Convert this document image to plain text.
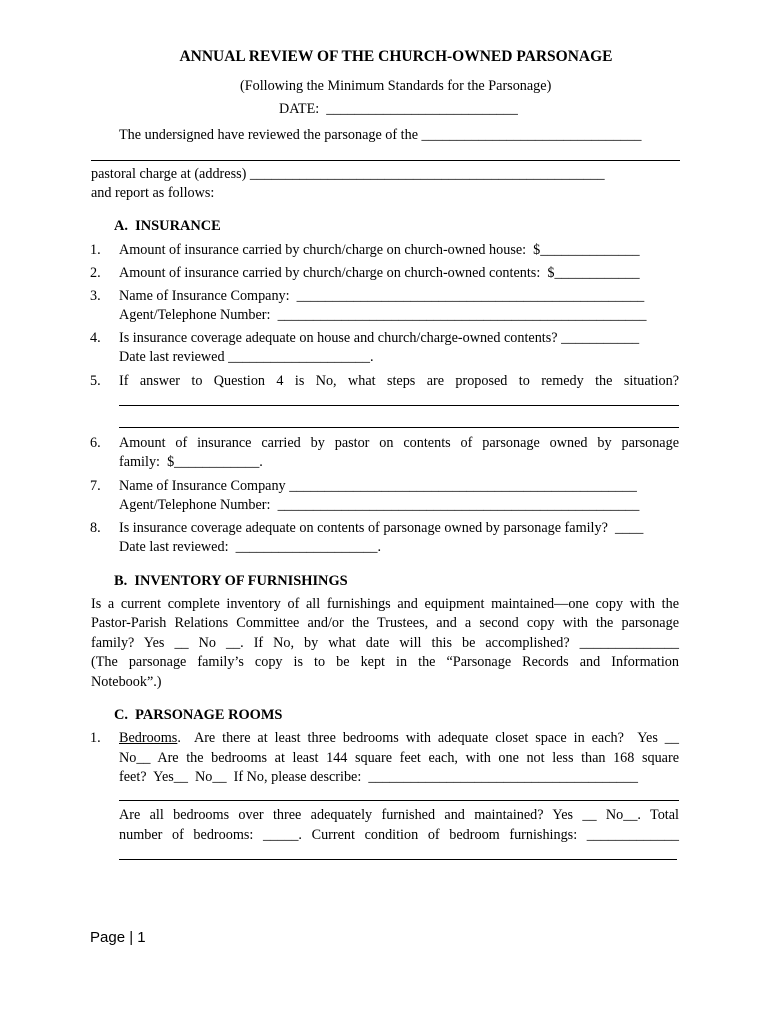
ANNUAL REVIEW OF THE CHURCH-OWNED PARSONAGE
(Following the Minimum Standards for the Parsonage)
DATE:  ___________________________
The undersigned have reviewed the parsonage of the _______________________________
pastoral charge at (address) __________________________________________________
and report as follows:
A.  INSURANCE
1. Amount of insurance carried by church/charge on church-owned house:  $______________
2. Amount of insurance carried by church/charge on church-owned contents:  $____________
3. Name of Insurance Company:  _________________________________________________
Agent/Telephone Number:  ____________________________________________________
4. Is insurance coverage adequate on house and church/charge-owned contents? ___________
Date last reviewed ____________________.
5. If answer to Question 4 is No, what steps are proposed to remedy the situation?
6. Amount of insurance carried by pastor on contents of parsonage owned by parsonage
family:  $____________.
7. Name of Insurance Company _________________________________________________
Agent/Telephone Number:  ___________________________________________________
8. Is insurance coverage adequate on contents of parsonage owned by parsonage family?  ____
Date last reviewed:  ____________________.
B.  INVENTORY OF FURNISHINGS
Is a current complete inventory of all furnishings and equipment maintained—one copy with the
Pastor-Parish Relations Committee and/or the Trustees, and a second copy with the parsonage
family? Yes __ No __. If No, by what date will this be accomplished? ______________
(The parsonage family’s copy is to be kept in the “Parsonage Records and Information
Notebook”.)
C.  PARSONAGE ROOMS
1. Bedrooms .  Are there at least three bedrooms with adequate closet space in each?  Yes __
No__ Are the bedrooms at least 144 square feet each, with one not less than 168 square
feet?  Yes__  No__  If No, please describe:  ______________________________________
Are all bedrooms over three adequately furnished and maintained? Yes __ No__. Total
number of bedrooms: _____. Current condition of bedroom furnishings: _____________
Page | 1
